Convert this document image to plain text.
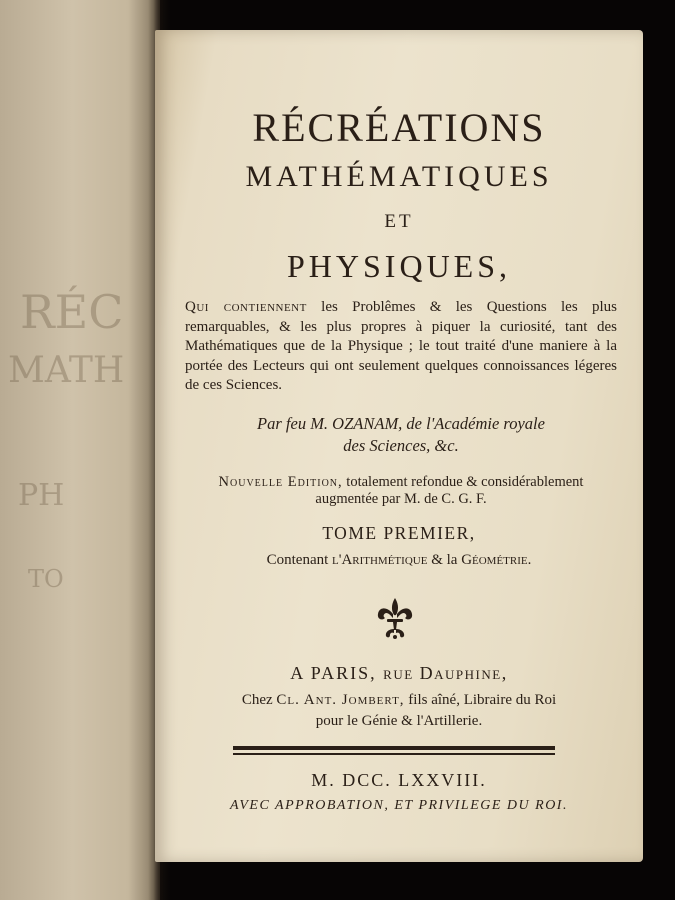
RÉC
MATH
PH
TO
RÉCRÉATIONS
MATHÉMATIQUES
ET
PHYSIQUES,
Qui contiennent les Problêmes & les Questions les plus remarquables, & les plus propres à piquer la curiosité, tant des Mathématiques que de la Physique ; le tout traité d'une maniere à la portée des Lecteurs qui ont seulement quelques connoissances légeres de ces Sciences.
Par feu M. OZANAM, de l'Académie royale
des Sciences, &c.
Nouvelle Edition, totalement refondue & considérablement
augmentée par M. de C. G. F.
TOME PREMIER,
Contenant l'Arithmétique & la Géométrie.
A PARIS, rue Dauphine,
Chez Cl. Ant. Jombert, fils aîné, Libraire du Roi
pour le Génie & l'Artillerie.
M. DCC. LXXVIII.
AVEC APPROBATION, ET PRIVILEGE DU ROI.
